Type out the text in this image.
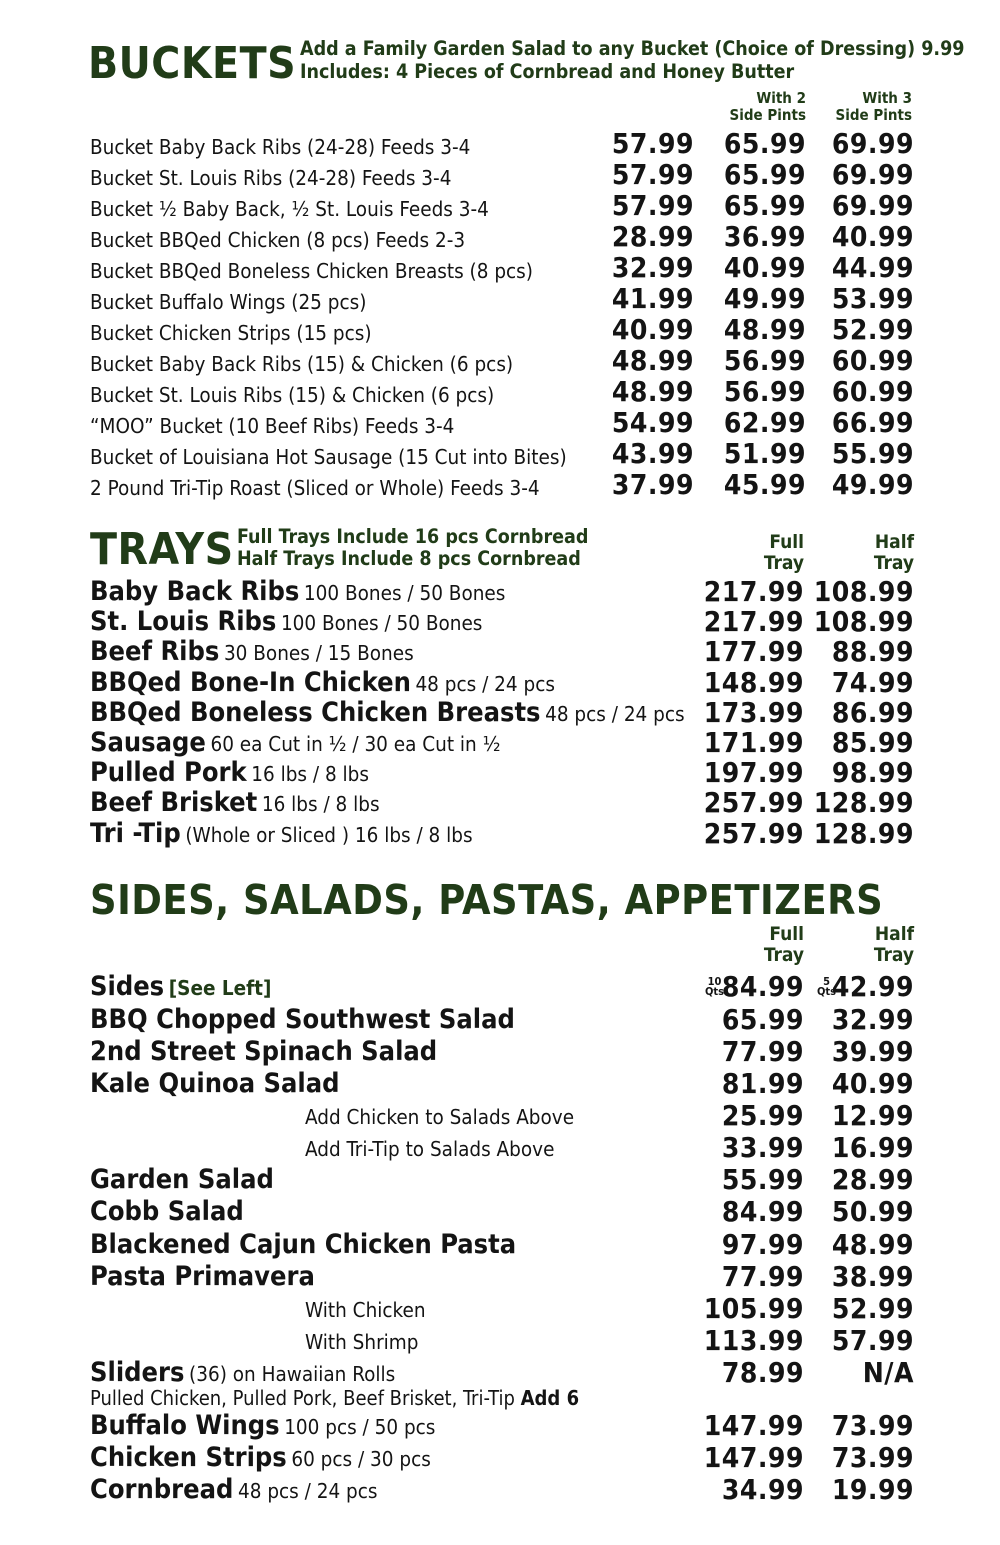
BUCKETS Add a Family Garden Salad to any Bucket (Choice of Dressing) 9.99
Includes: 4 Pieces of Cornbread and Honey Butter
With 2
Side Pints
With 3
Side Pints
Bucket Baby Back Ribs (24-28) Feeds 3-4	57.99	65.99 69.99
Bucket St. Louis Ribs (24-28) Feeds 3-4	57.99	65.99 69.99
Bucket ½ Baby Back, ½ St. Louis Feeds 3-4	57.99	65.99 69.99
Bucket BBQed Chicken (8 pcs) Feeds 2-3	28.99	36.99 40.99
Bucket BBQed Boneless Chicken Breasts (8 pcs)	32.99	40.99 44.99
Bucket Buffalo Wings (25 pcs)	41.99	49.99 53.99
Bucket Chicken Strips (15 pcs)	40.99	48.99 52.99
Bucket Baby Back Ribs (15) & Chicken (6 pcs)	48.99	56.99 60.99
Bucket St. Louis Ribs (15) & Chicken (6 pcs)	48.99	56.99 60.99
“MOO” Bucket (10 Beef Ribs) Feeds 3-4	54.99	62.99 66.99
Bucket of Louisiana Hot Sausage (15 Cut into Bites)	43.99	51.99 55.99
2 Pound Tri-Tip Roast (Sliced or Whole) Feeds 3-4	37.99	45.99 49.99
TRAYS Full Trays Include 16 pcs Cornbread
Half Trays Include 8 pcs Cornbread
Full
Tray
Half
Tray
Baby Back Ribs 100 Bones / 50 Bones	217.99 108.99
St. Louis Ribs 100 Bones / 50 Bones	217.99 108.99
Beef Ribs 30 Bones / 15 Bones	177.99 88.99
BBQed Bone-In Chicken 48 pcs / 24 pcs	148.99 74.99
BBQed Boneless Chicken Breasts 48 pcs / 24 pcs 173.99 86.99
Sausage 60 ea Cut in ½ / 30 ea Cut in ½	171.99 85.99
Pulled Pork 16 lbs / 8 lbs	197.99 98.99
Beef Brisket 16 lbs / 8 lbs	257.99 128.99
Tri -Tip (Whole or Sliced ) 16 lbs / 8 lbs	257.99 128.99
SIDES, SALADS, PASTAS, APPETIZERS
Full
Tray
Half
Tray
Sides [See Left]	84.99 42.99
10
Qts
5
Qts
BBQ Chopped Southwest Salad	65.99 32.99
2nd Street Spinach Salad	77.99 39.99
Kale Quinoa Salad	81.99 40.99
Add Chicken to Salads Above	25.99 12.99
Add Tri-Tip to Salads Above	33.99 16.99
Garden Salad	55.99 28.99
Cobb Salad	84.99 50.99
Blackened Cajun Chicken Pasta	97.99 48.99
Pasta Primavera	77.99 38.99
With Chicken	105.99 52.99
With Shrimp	113.99 57.99
Sliders (36) on Hawaiian Rolls	78.99	N/A
Buffalo Wings 100 pcs / 50 pcs	147.99 73.99
Chicken Strips 60 pcs / 30 pcs	147.99 73.99
Cornbread 48 pcs / 24 pcs	34.99 19.99
Pulled Chicken, Pulled Pork, Beef Brisket, Tri-Tip Add 6
